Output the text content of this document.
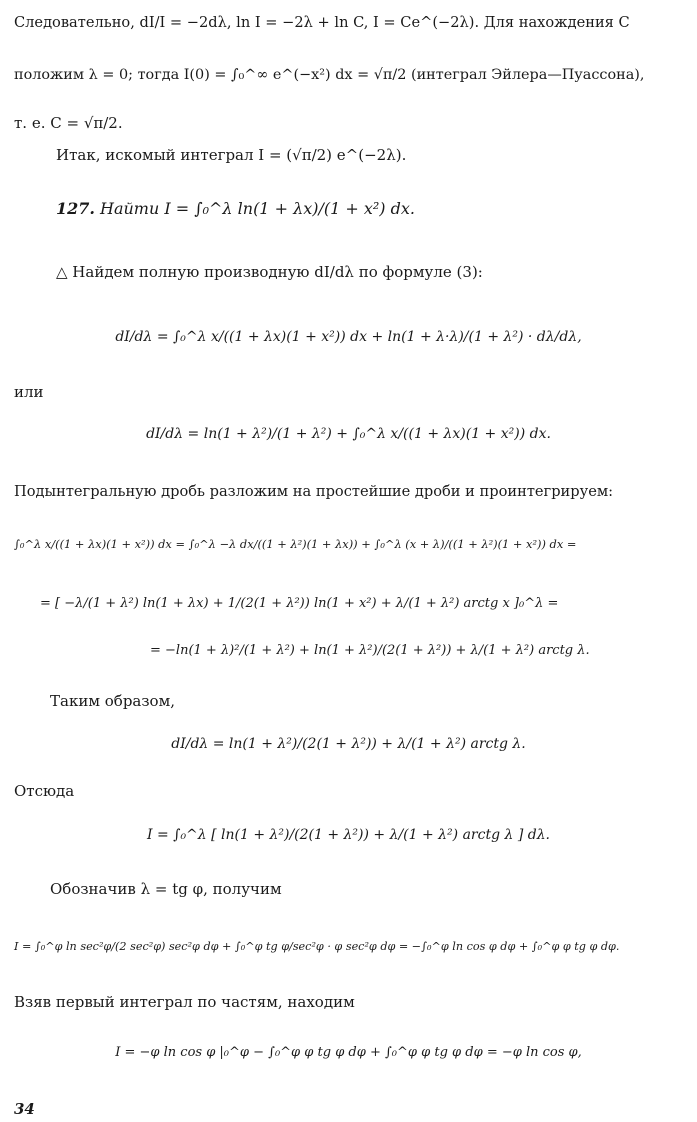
Следовательно, dI/I = −2dλ, ln I = −2λ + ln C, I = Ce^(−2λ). Для нахождения C
положим λ = 0; тогда I(0) = ∫₀^∞ e^(−x²) dx = √π/2 (интеграл Эйлера—Пуассона),
т. е. C = √π/2.
Итак, искомый интеграл I = (√π/2) e^(−2λ).
127. Найти I = ∫₀^λ ln(1 + λx)/(1 + x²) dx.
△ Найдем полную производную dI/dλ по формуле (3):
dI/dλ = ∫₀^λ x/((1 + λx)(1 + x²)) dx + ln(1 + λ·λ)/(1 + λ²) · dλ/dλ,
или
dI/dλ = ln(1 + λ²)/(1 + λ²) + ∫₀^λ x/((1 + λx)(1 + x²)) dx.
Подынтегральную дробь разложим на простейшие дроби и проинтегрируем:
∫₀^λ x/((1 + λx)(1 + x²)) dx = ∫₀^λ −λ dx/((1 + λ²)(1 + λx)) + ∫₀^λ (x + λ)/((1 + λ²)(1 + x²)) dx =
= [ −λ/(1 + λ²) ln(1 + λx) + 1/(2(1 + λ²)) ln(1 + x²) + λ/(1 + λ²) arctg x ]₀^λ =
= −ln(1 + λ)²/(1 + λ²) + ln(1 + λ²)/(2(1 + λ²)) + λ/(1 + λ²) arctg λ.
Таким образом,
dI/dλ = ln(1 + λ²)/(2(1 + λ²)) + λ/(1 + λ²) arctg λ.
Отсюда
I = ∫₀^λ [ ln(1 + λ²)/(2(1 + λ²)) + λ/(1 + λ²) arctg λ ] dλ.
Обозначив λ = tg φ, получим
I = ∫₀^φ ln sec²φ/(2 sec²φ) sec²φ dφ + ∫₀^φ tg φ/sec²φ · φ sec²φ dφ = −∫₀^φ ln cos φ dφ + ∫₀^φ φ tg φ dφ.
Взяв первый интеграл по частям, находим
I = −φ ln cos φ |₀^φ − ∫₀^φ φ tg φ dφ + ∫₀^φ φ tg φ dφ = −φ ln cos φ,
34
